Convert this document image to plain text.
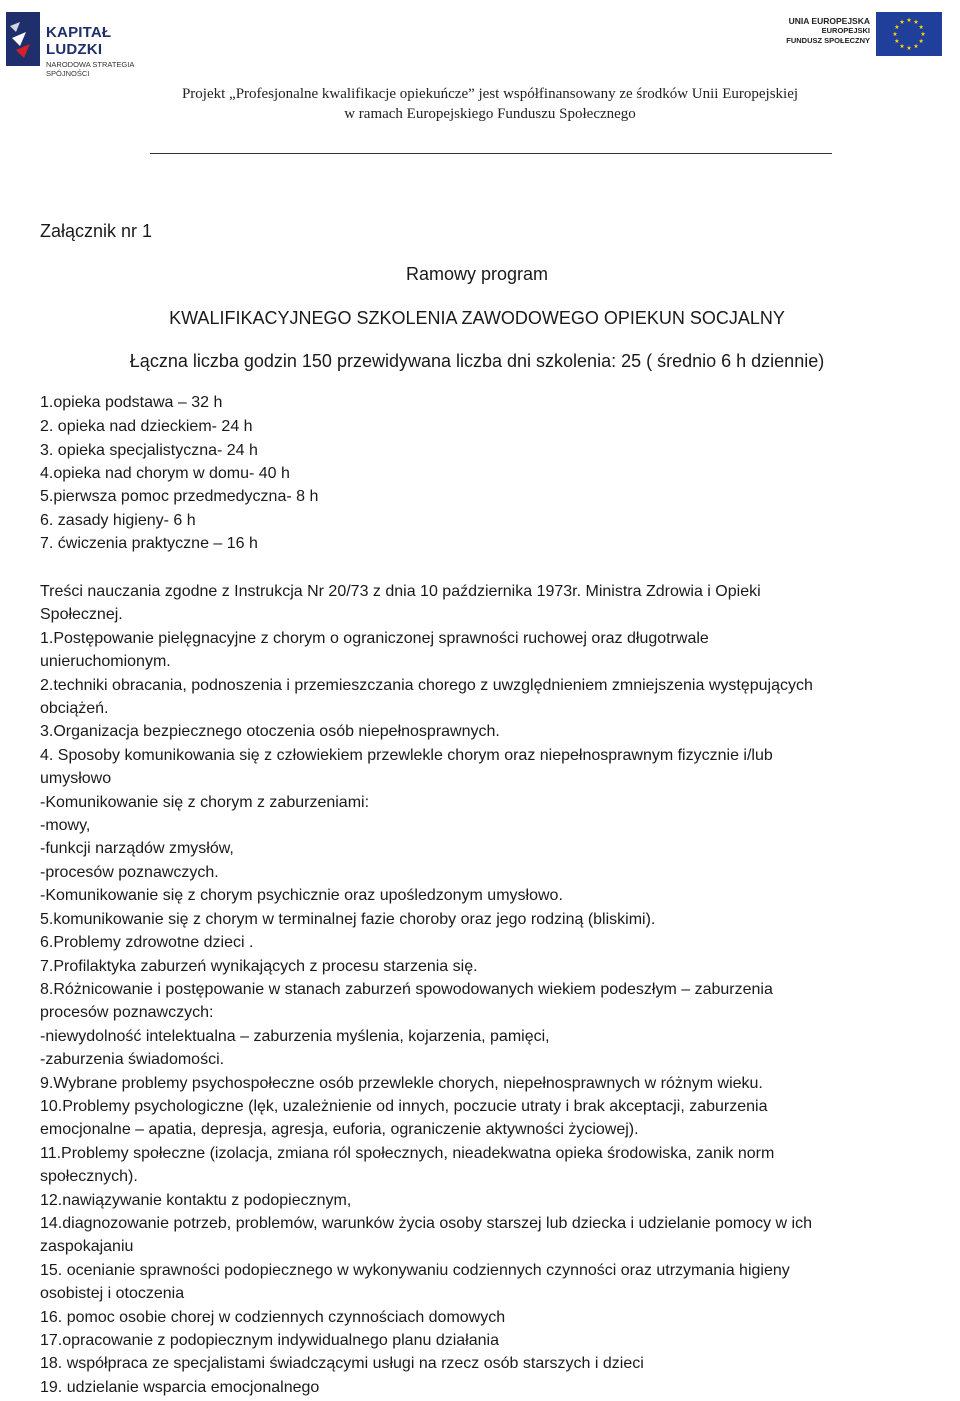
KAPITAŁ LUDZKI
NARODOWA STRATEGIA SPÓJNOŚCI
UNIA EUROPEJSKA
EUROPEJSKI
FUNDUSZ SPOŁECZNY
Projekt „Profesjonalne kwalifikacje opiekuńcze” jest współfinansowany ze środków Unii Europejskiej
w ramach Europejskiego Funduszu Społecznego
Załącznik nr 1
Ramowy program
KWALIFIKACYJNEGO SZKOLENIA ZAWODOWEGO OPIEKUN SOCJALNY
Łączna liczba godzin 150 przewidywana liczba dni szkolenia: 25 ( średnio 6 h dziennie)
1.opieka podstawa – 32 h
2. opieka nad dzieckiem- 24 h
3. opieka specjalistyczna- 24 h
4.opieka nad chorym w domu- 40 h
5.pierwsza pomoc przedmedyczna- 8 h
6. zasady higieny- 6 h
7. ćwiczenia praktyczne – 16 h
Treści nauczania zgodne z Instrukcja Nr 20/73 z dnia 10 października 1973r. Ministra Zdrowia i Opieki
Społecznej.
1.Postępowanie pielęgnacyjne z chorym o ograniczonej sprawności ruchowej oraz długotrwale
unieruchomionym.
2.techniki obracania, podnoszenia i przemieszczania chorego z uwzględnieniem zmniejszenia występujących
obciążeń.
3.Organizacja bezpiecznego otoczenia osób niepełnosprawnych.
4. Sposoby komunikowania się z człowiekiem przewlekle chorym oraz niepełnosprawnym fizycznie i/lub
umysłowo
-Komunikowanie się z chorym z zaburzeniami:
-mowy,
-funkcji narządów zmysłów,
-procesów poznawczych.
-Komunikowanie się z chorym psychicznie oraz upośledzonym umysłowo.
5.komunikowanie się z chorym w terminalnej fazie choroby oraz jego rodziną (bliskimi).
6.Problemy zdrowotne dzieci .
7.Profilaktyka zaburzeń wynikających z procesu starzenia się.
8.Różnicowanie i postępowanie w stanach zaburzeń spowodowanych wiekiem podeszłym – zaburzenia
procesów poznawczych:
-niewydolność intelektualna – zaburzenia myślenia, kojarzenia, pamięci,
-zaburzenia świadomości.
9.Wybrane problemy psychospołeczne osób przewlekle chorych, niepełnosprawnych w różnym wieku.
10.Problemy psychologiczne (lęk, uzależnienie od innych, poczucie utraty i brak akceptacji, zaburzenia
emocjonalne – apatia, depresja, agresja, euforia, ograniczenie aktywności życiowej).
11.Problemy społeczne (izolacja, zmiana ról społecznych, nieadekwatna opieka środowiska, zanik norm
społecznych).
12.nawiązywanie kontaktu z podopiecznym,
14.diagnozowanie potrzeb, problemów, warunków życia osoby starszej lub dziecka i udzielanie pomocy w ich
zaspokajaniu
15. ocenianie sprawności podopiecznego w wykonywaniu codziennych czynności oraz utrzymania higieny
osobistej i otoczenia
16. pomoc osobie chorej w codziennych czynnościach domowych
17.opracowanie z podopiecznym indywidualnego planu działania
18. współpraca ze specjalistami świadczącymi usługi na rzecz osób starszych i dzieci
19. udzielanie wsparcia emocjonalnego
